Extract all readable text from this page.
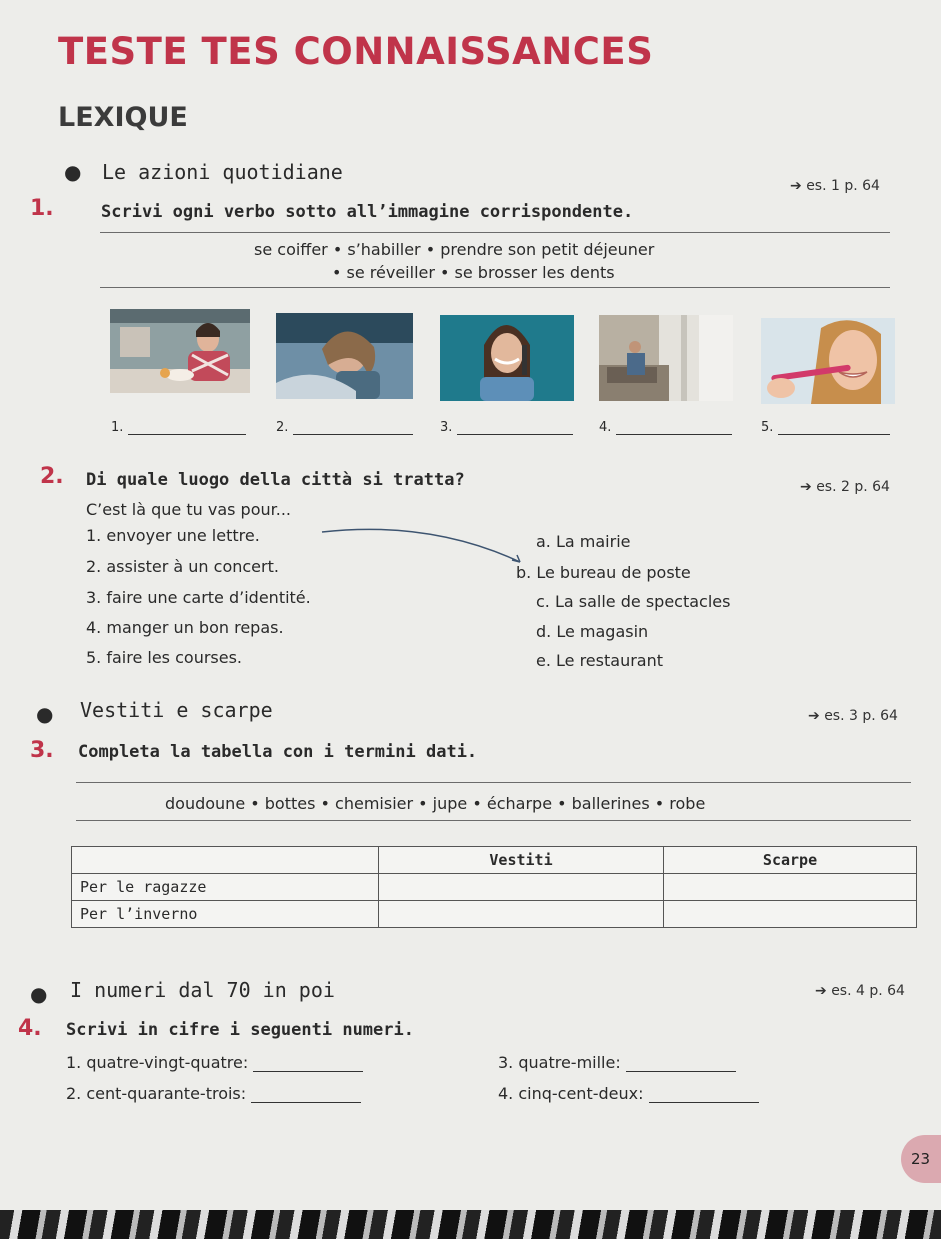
TESTE TES CONNAISSANCES
LEXIQUE
● Le azioni quotidiane
➔ es. 1 p. 64
1.	Scrivi ogni verbo sotto all’immagine corrispondente.
se coiffer • s’habiller • prendre son petit déjeuner
• se réveiller • se brosser les dents
1.	2.	3.	4.	5.
2. Di quale luogo della città si tratta?	➔ es. 2 p. 64
C’est là que tu vas pour...
1. envoyer une lettre.
2. assister à un concert.
3. faire une carte d’identité.
4. manger un bon repas.
5. faire les courses.
a. La mairie
b. Le bureau de poste
c. La salle de spectacles
d. Le magasin
e. Le restaurant
● Vestiti e scarpe	➔ es. 3 p. 64
3. Completa la tabella con i termini dati.
doudoune • bottes • chemisier • jupe • écharpe • ballerines • robe
	Vestiti	Scarpe
Per le ragazze		
Per l’inverno		
● I numeri dal 70 in poi	➔ es. 4 p. 64
4. Scrivi in cifre i seguenti numeri.
1. quatre-vingt-quatre:
2. cent-quarante-trois:
3. quatre-mille:
4. cinq-cent-deux:
23
